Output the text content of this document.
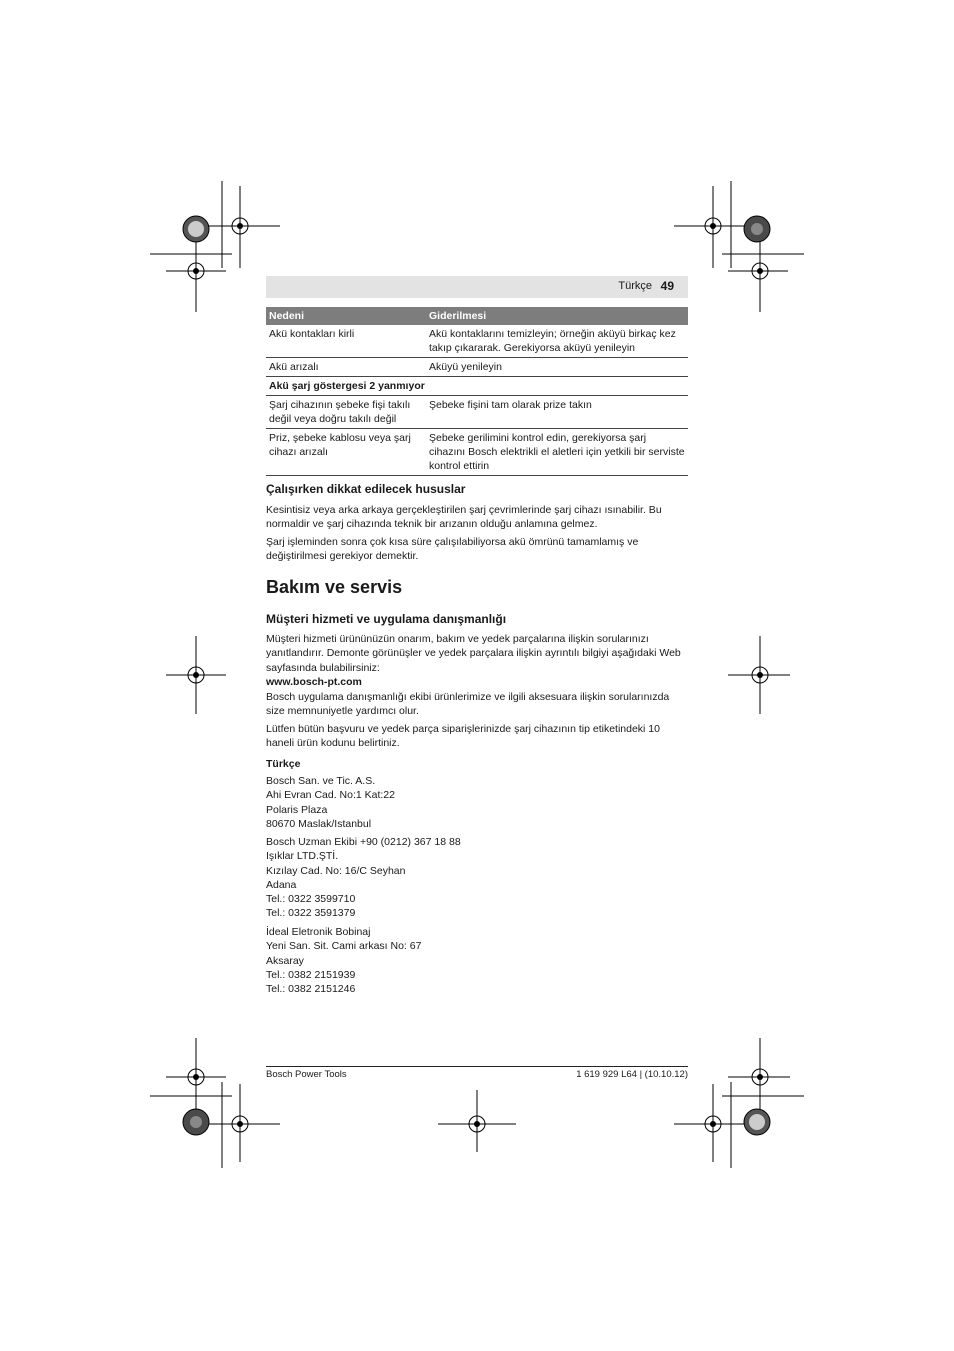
Türkçe 49
Nedeni	Giderilmesi
Akü kontakları kirli	Akü kontaklarını temizleyin; örneğin aküyü birkaç kez takıp çıkararak. Gerekiyorsa aküyü yenileyin
Akü arızalı	Aküyü yenileyin
Akü şarj göstergesi 2 yanmıyor	
Şarj cihazının şebeke fişi takılı değil veya doğru takılı değil	Şebeke fişini tam olarak prize takın
Priz, şebeke kablosu veya şarj cihazı arızalı	Şebeke gerilimini kontrol edin, gerekiyorsa şarj cihazını Bosch elektrikli el aletleri için yetkili bir serviste kontrol ettirin
Çalışırken dikkat edilecek hususlar
Kesintisiz veya arka arkaya gerçekleştirilen şarj çevrimlerinde şarj cihazı ısınabilir. Bu normaldir ve şarj cihazında teknik bir arızanın olduğu anlamına gelmez.
Şarj işleminden sonra çok kısa süre çalışılabiliyorsa akü ömrünü tamamlamış ve değiştirilmesi gerekiyor demektir.
Bakım ve servis
Müşteri hizmeti ve uygulama danışmanlığı
Müşteri hizmeti ürününüzün onarım, bakım ve yedek parçalarına ilişkin sorularınızı yanıtlandırır. Demonte görünüşler ve yedek parçalara ilişkin ayrıntılı bilgiyi aşağıdaki Web sayfasında bulabilirsiniz:
www.bosch-pt.com
Bosch uygulama danışmanlığı ekibi ürünlerimize ve ilgili aksesuara ilişkin sorularınızda size memnuniyetle yardımcı olur.
Lütfen bütün başvuru ve yedek parça siparişlerinizde şarj cihazının tip etiketindeki 10 haneli ürün kodunu belirtiniz.
Türkçe
Bosch San. ve Tic. A.S.
Ahi Evran Cad. No:1 Kat:22
Polaris Plaza
80670 Maslak/Istanbul
Bosch Uzman Ekibi +90 (0212) 367 18 88
Işıklar LTD.ŞTİ.
Kızılay Cad. No: 16/C Seyhan
Adana
Tel.: 0322 3599710
Tel.: 0322 3591379
İdeal Eletronik Bobinaj
Yeni San. Sit. Cami arkası No: 67
Aksaray
Tel.: 0382 2151939
Tel.: 0382 2151246
Bosch Power Tools	1 619 929 L64 | (10.10.12)
